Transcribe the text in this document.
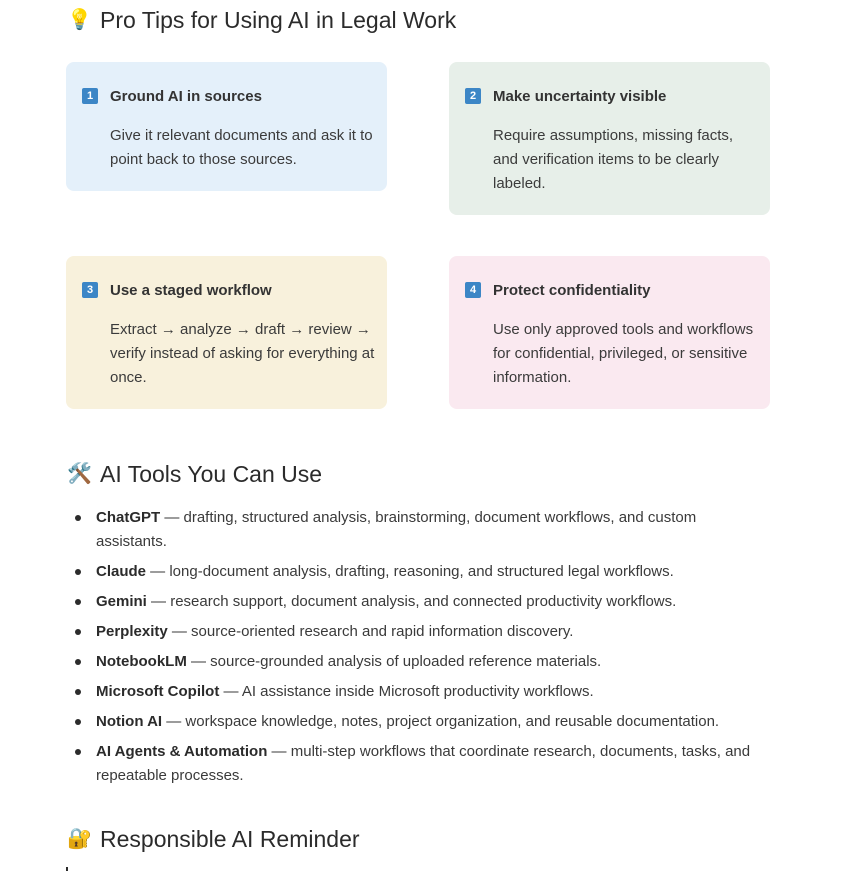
💡 Pro Tips for Using AI in Legal Work
1	Ground AI in sources
Give it relevant documents and ask it to point back to those sources.
2	Make uncertainty visible
Require assumptions, missing facts, and verification items to be clearly labeled.
3	Use a staged workflow
Extract → analyze → draft → review → verify instead of asking for everything at once.
4	Protect confidentiality
Use only approved tools and workflows for confidential, privileged, or sensitive information.
🛠️ AI Tools You Can Use
ChatGPT — drafting, structured analysis, brainstorming, document workflows, and custom assistants.
Claude — long-document analysis, drafting, reasoning, and structured legal workflows.
Gemini — research support, document analysis, and connected productivity workflows.
Perplexity — source-oriented research and rapid information discovery.
NotebookLM — source-grounded analysis of uploaded reference materials.
Microsoft Copilot — AI assistance inside Microsoft productivity workflows.
Notion AI — workspace knowledge, notes, project organization, and reusable documentation.
AI Agents & Automation — multi-step workflows that coordinate research, documents, tasks, and repeatable processes.
🔐 Responsible AI Reminder
